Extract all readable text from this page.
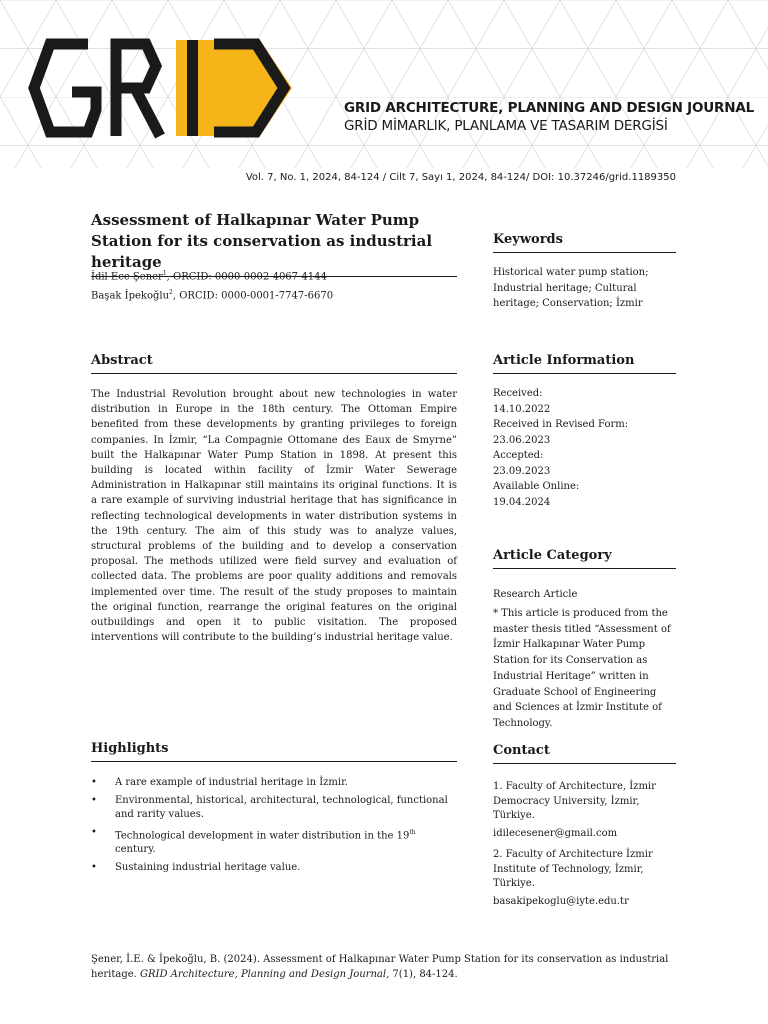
GRID ARCHITECTURE, PLANNING AND DESIGN JOURNAL
GRİD MİMARLIK, PLANLAMA VE TASARIM DERGİSİ
Vol. 7, No. 1, 2024, 84-124 / Cilt 7, Sayı 1, 2024, 84-124/ DOI: 10.37246/grid.1189350
Assessment of Halkapınar Water Pump Station for its conservation as industrial heritage
İdil Ece Şener$^1$, ORCID: 0000-0002-4067-4144
Başak İpekoğlu$^2$, ORCID: 0000-0001-7747-6670
Abstract
The Industrial Revolution brought about new technologies in water distribution in Europe in the 18th century. The Ottoman Empire benefited from these developments by granting privileges to foreign companies. In İzmir, “La Compagnie Ottomane des Eaux de Smyrne” built the Halkapınar Water Pump Station in 1898. At present this building is located within facility of İzmir Water Sewerage Administration in Halkapınar still maintains its original functions. It is a rare example of surviving industrial heritage that has significance in reflecting technological developments in water distribution systems in the 19th century. The aim of this study was to analyze values, structural problems of the building and to develop a conservation proposal. The methods utilized were field survey and evaluation of collected data. The problems are poor quality additions and removals implemented over time. The result of the study proposes to maintain the original function, rearrange the original features on the original outbuildings and open it to public visitation. The proposed interventions will contribute to the building’s industrial heritage value.
Highlights
• A rare example of industrial heritage in İzmir.
• Environmental, historical, architectural, technological, functional and rarity values.
• Technological development in water distribution in the 19th century.
• Sustaining industrial heritage value.
Keywords
Historical water pump station; Industrial heritage; Cultural heritage; Conservation; İzmir
Article Information
Received:
14.10.2022
Received in Revised Form:
23.06.2023
Accepted:
23.09.2023
Available Online:
19.04.2024
Article Category
Research Article
* This article is produced from the master thesis titled “Assessment of İzmir Halkapınar Water Pump Station for its Conservation as Industrial Heritage” written in Graduate School of Engineering and Sciences at İzmir Institute of Technology.
Contact
1. Faculty of Architecture, İzmir Democracy University, İzmir, Türkiye.
idilecesener@gmail.com
2. Faculty of Architecture İzmir Institute of Technology, İzmir, Türkiye.
basakipekoglu@iyte.edu.tr
Şener, İ.E. & İpekoğlu, B. (2024). Assessment of Halkapınar Water Pump Station for its conservation as industrial heritage. GRID Architecture, Planning and Design Journal, 7(1), 84-124.
